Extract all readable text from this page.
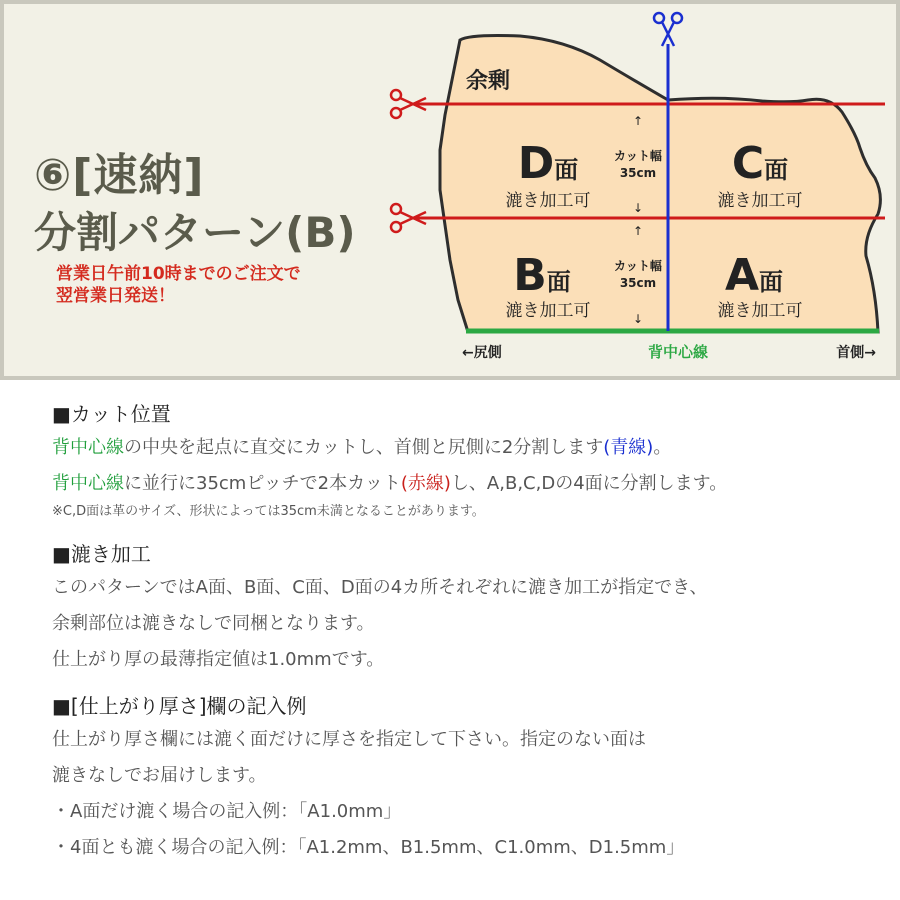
⑥[速納]
分割パターン(B)
営業日午前10時までのご注文で
翌営業日発送！
余剰
D面
漉き加工可
C面
漉き加工可
B面
漉き加工可
A面
漉き加工可
↑
カット幅
35cm
↓
↑
カット幅
35cm
↓
←尻側	背中心線	首側→
■カット位置
背中心線の中央を起点に直交にカットし、首側と尻側に2分割します(青線)。
背中心線に並行に35cmピッチで2本カット(赤線)し、A,B,C,Dの4面に分割します。
※C,D面は革のサイズ、形状によっては35cm未満となることがあります。
■漉き加工
このパターンではA面、B面、C面、D面の4カ所それぞれに漉き加工が指定でき、
余剰部位は漉きなしで同梱となります。
仕上がり厚の最薄指定値は1.0mmです。
■[仕上がり厚さ]欄の記入例
仕上がり厚さ欄には漉く面だけに厚さを指定して下さい。指定のない面は
漉きなしでお届けします。
・A面だけ漉く場合の記入例：「A1.0mm」
・4面とも漉く場合の記入例：「A1.2mm、B1.5mm、C1.0mm、D1.5mm」
